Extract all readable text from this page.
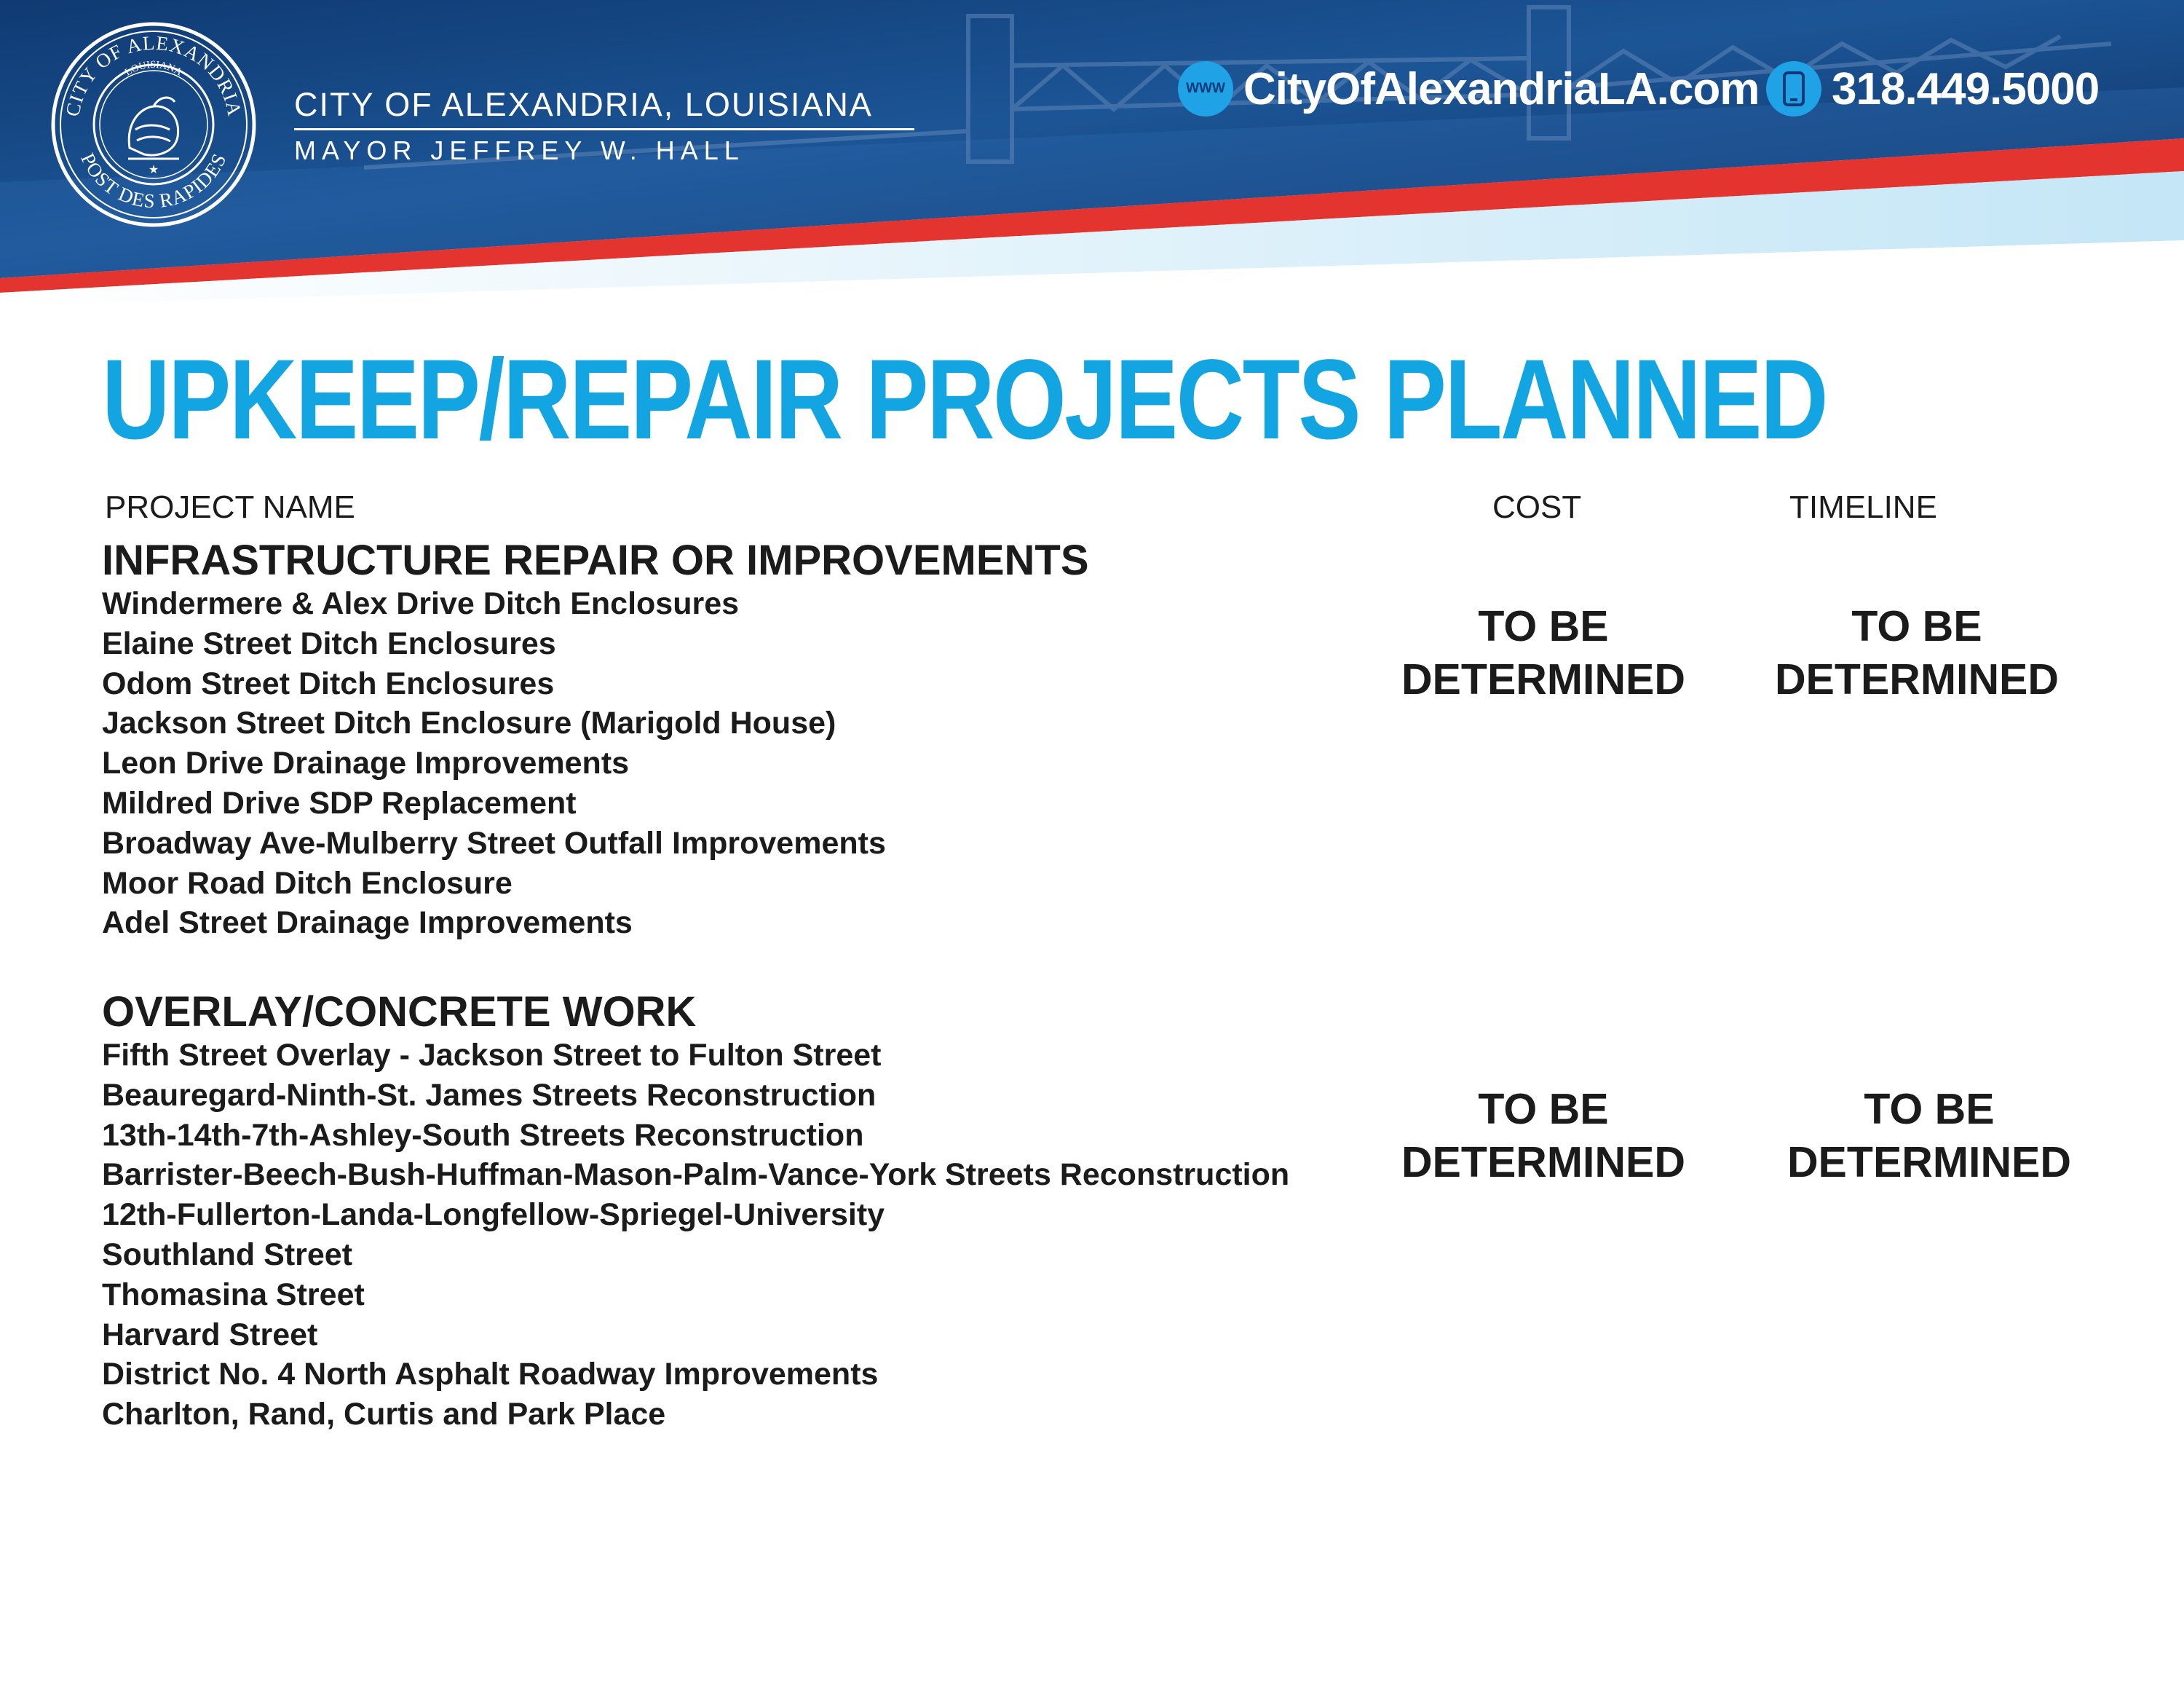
CITY OF ALEXANDRIA
POST DES RAPIDES
LOUISIANA
★
CITY OF ALEXANDRIA, LOUISIANA
MAYOR JEFFREY W. HALL
WWW CityOfAlexandriaLA.com 318.449.5000
UPKEEP/REPAIR PROJECTS PLANNED
PROJECT NAME	COST	TIMELINE
INFRASTRUCTURE REPAIR OR IMPROVEMENTS
Windermere & Alex Drive Ditch Enclosures
Elaine Street Ditch Enclosures
Odom Street Ditch Enclosures
Jackson Street Ditch Enclosure (Marigold House)
Leon Drive Drainage Improvements
Mildred Drive SDP Replacement
Broadway Ave-Mulberry Street Outfall Improvements
Moor Road Ditch Enclosure
Adel Street Drainage Improvements
TO BE
DETERMINED
TO BE
DETERMINED
OVERLAY/CONCRETE WORK
Fifth Street Overlay - Jackson Street to Fulton Street
Beauregard-Ninth-St. James Streets Reconstruction
13th-14th-7th-Ashley-South Streets Reconstruction
Barrister-Beech-Bush-Huffman-Mason-Palm-Vance-York Streets Reconstruction
12th-Fullerton-Landa-Longfellow-Spriegel-University
Southland Street
Thomasina Street
Harvard Street
District No. 4 North Asphalt Roadway Improvements
Charlton, Rand, Curtis and Park Place
TO BE
DETERMINED
TO BE
DETERMINED
